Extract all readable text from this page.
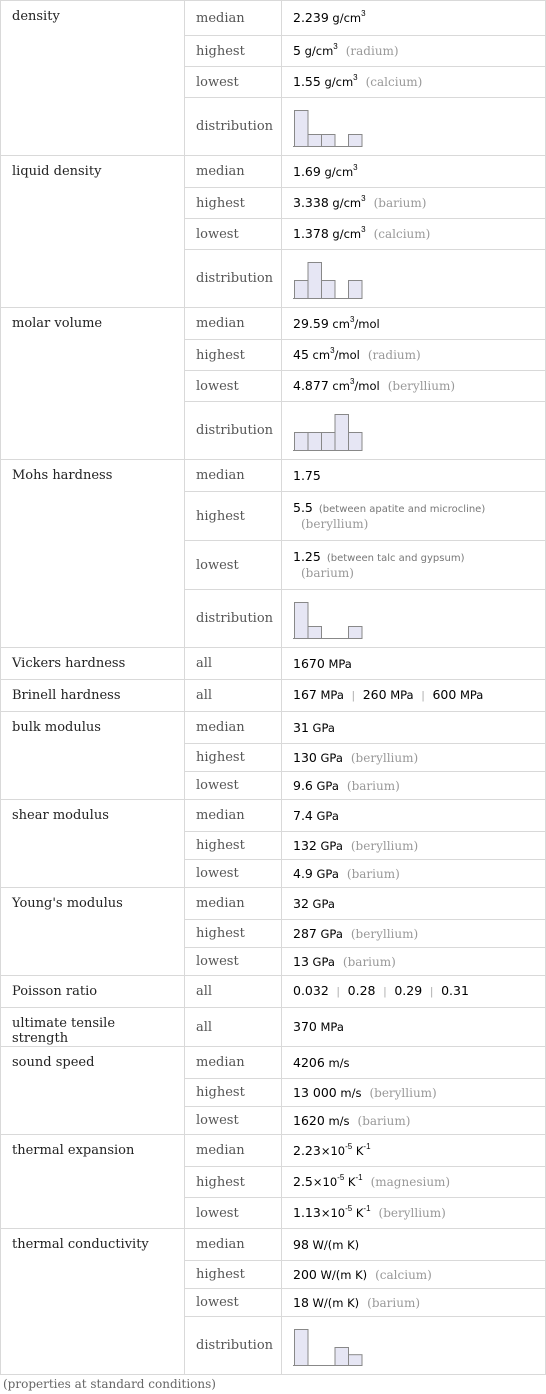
density	median	2.239 $g/cm^3$
	highest	5 $g/cm^3$ (radium)
	lowest	1.55 $g/cm^3$ (calcium)
	distribution	

liquid density	median	1.69 $g/cm^3$
	highest	3.338 $g/cm^3$ (barium)
	lowest	1.378 $g/cm^3$ (calcium)
	distribution	

molar volume	median	29.59 $cm^3$/mol
	highest	45 $cm^3$/mol (radium)
	lowest	4.877 $cm^3$/mol (beryllium)
	distribution	

Mohs hardness	median	1.75
	highest	5.5 (between apatite and microcline)
(beryllium)

	lowest	1.25 (between talc and gypsum)
(barium)

	distribution	

Vickers hardness	all	1670 MPa
Brinell hardness	all	167 MPa | 260 MPa | 600 MPa
bulk modulus	median	31 GPa
	highest	130 GPa (beryllium)
	lowest	9.6 GPa (barium)
shear modulus	median	7.4 GPa
	highest	132 GPa (beryllium)
	lowest	4.9 GPa (barium)
Young's modulus	median	32 GPa
	highest	287 GPa (beryllium)
	lowest	13 GPa (barium)
Poisson ratio	all	0.032 | 0.28 | 0.29 | 0.31
ultimate tensile strength	all	370 MPa
sound speed	median	4206 m/s
	highest	13 000 m/s (beryllium)
	lowest	1620 m/s (barium)
thermal expansion	median	$2.23\times 10^{-5}$ $K^{-1}$
	highest	$2.5\times 10^{-5}$ $K^{-1}$ (magnesium)
	lowest	$1.13\times 10^{-5}$ $K^{-1}$ (beryllium)
thermal conductivity	median	98 W/(m K)
	highest	200 W/(m K) (calcium)
	lowest	18 W/(m K) (barium)
	distribution	
(properties at standard conditions)
